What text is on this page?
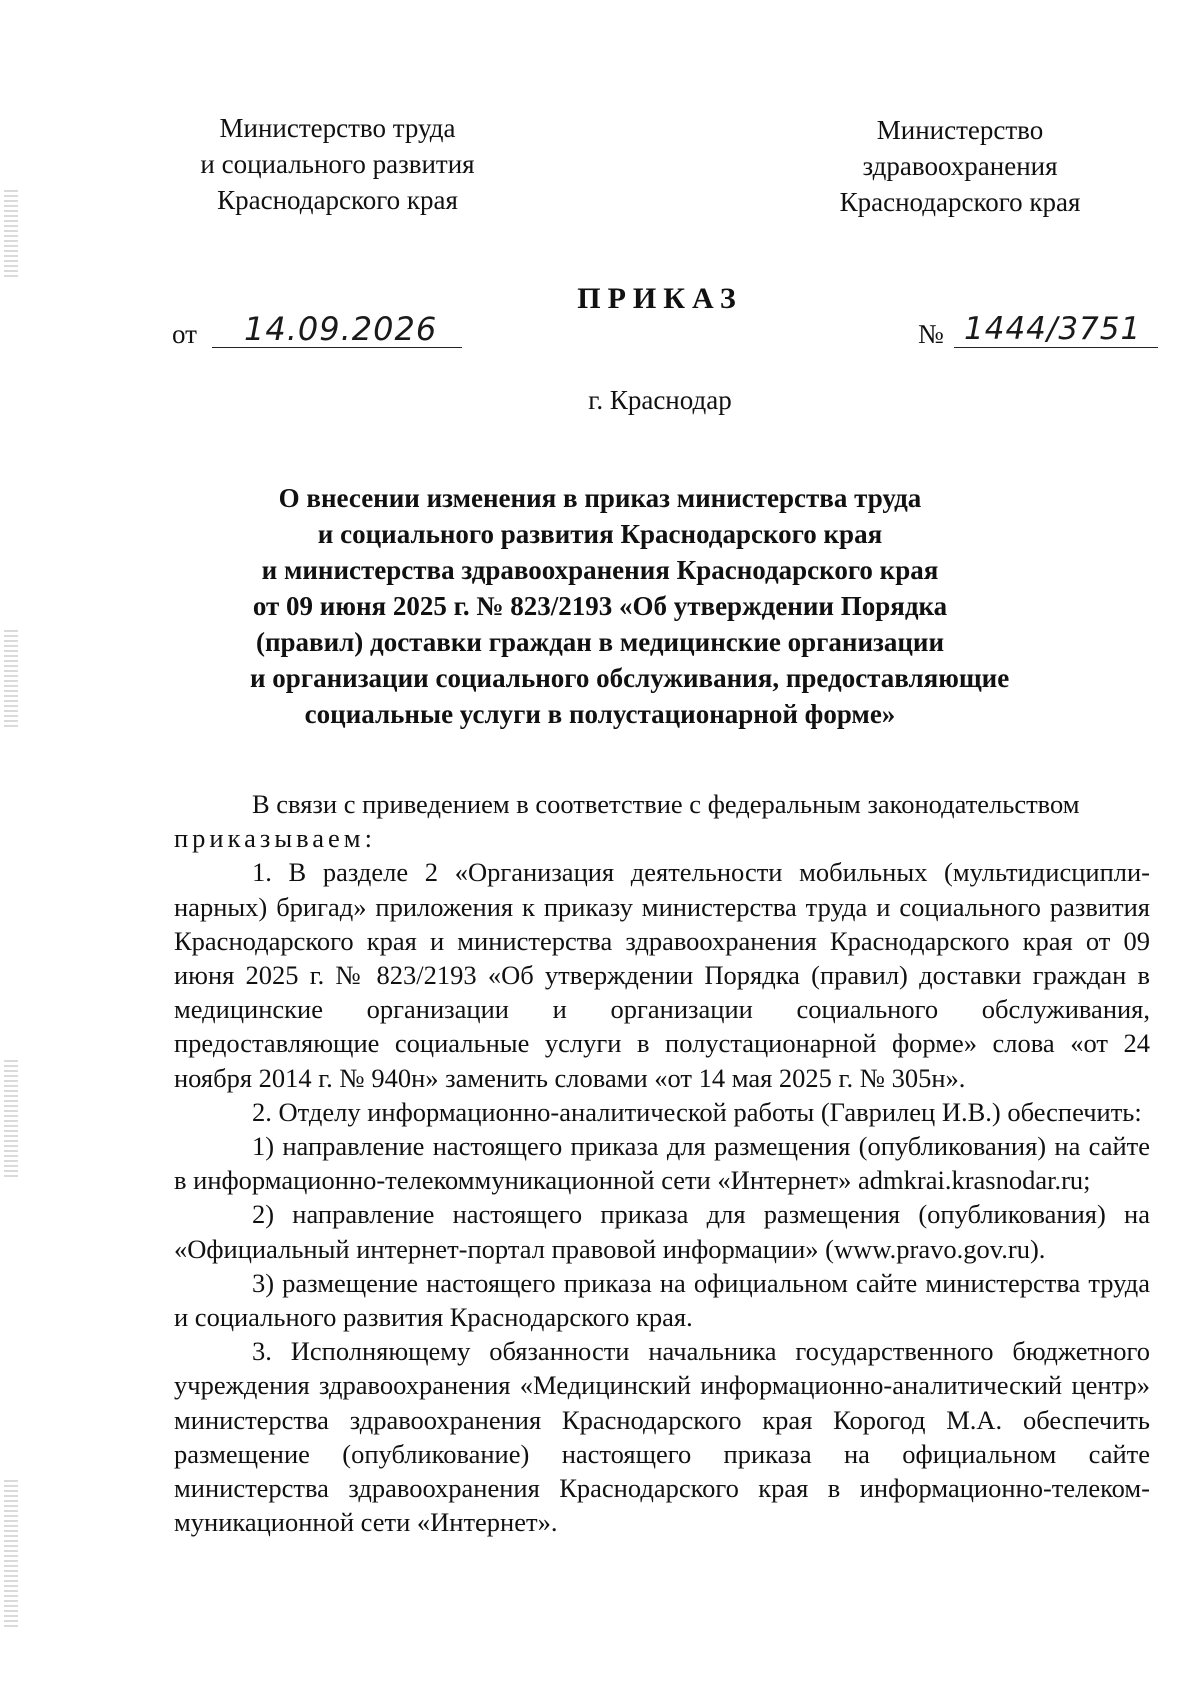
Министерство труда
и социального развития
Краснодарского края
Министерство
здравоохранения
Краснодарского края
ПРИКАЗ
от 14.09.2026	№ 1444/3751
г. Краснодар
О внесении изменения в приказ министерства труда
и социального развития Краснодарского края
и министерства здравоохранения Краснодарского края
от 09 июня 2025 г. № 823/2193 «Об утверждении Порядка
(правил) доставки граждан в медицинские организации
и организации социального обслуживания, предоставляющие
социальные услуги в полустационарной форме»

В связи с приведением в соответствие с федеральным законодательством

приказываем:

1. В разделе 2 «Организация деятельности мобильных (мультидисциплинарных) бригад» приложения к приказу министерства труда и социального развития Краснодарского края и министерства здравоохранения Краснодарского края от 09 июня 2025 г. № 823/2193 «Об утверждении Порядка (правил) доставки граждан в медицинские организации и организации социального обслуживания, предоставляющие социальные услуги в полустационарной форме» слова «от 24 ноября 2014 г. № 940н» заменить словами «от 14 мая 2025 г. № 305н».

2. Отделу информационно-аналитической работы (Гаврилец И.В.) обеспечить:

1) направление настоящего приказа для размещения (опубликования) на сайте в информационно-телекоммуникационной сети «Интернет» admkrai.krasnodar.ru;

2) направление настоящего приказа для размещения (опубликования) на «Официальный интернет-портал правовой информации» (www.pravo.gov.ru).

3) размещение настоящего приказа на официальном сайте министерства труда и социального развития Краснодарского края.

3. Исполняющему обязанности начальника государственного бюджетного учреждения здравоохранения «Медицинский информационно-аналитический центр» министерства здравоохранения Краснодарского края Корогод М.А. обеспечить размещение (опубликование) настоящего приказа на официальном сайте министерства здравоохранения Краснодарского края в информационно-телекоммуникационной сети «Интернет».
